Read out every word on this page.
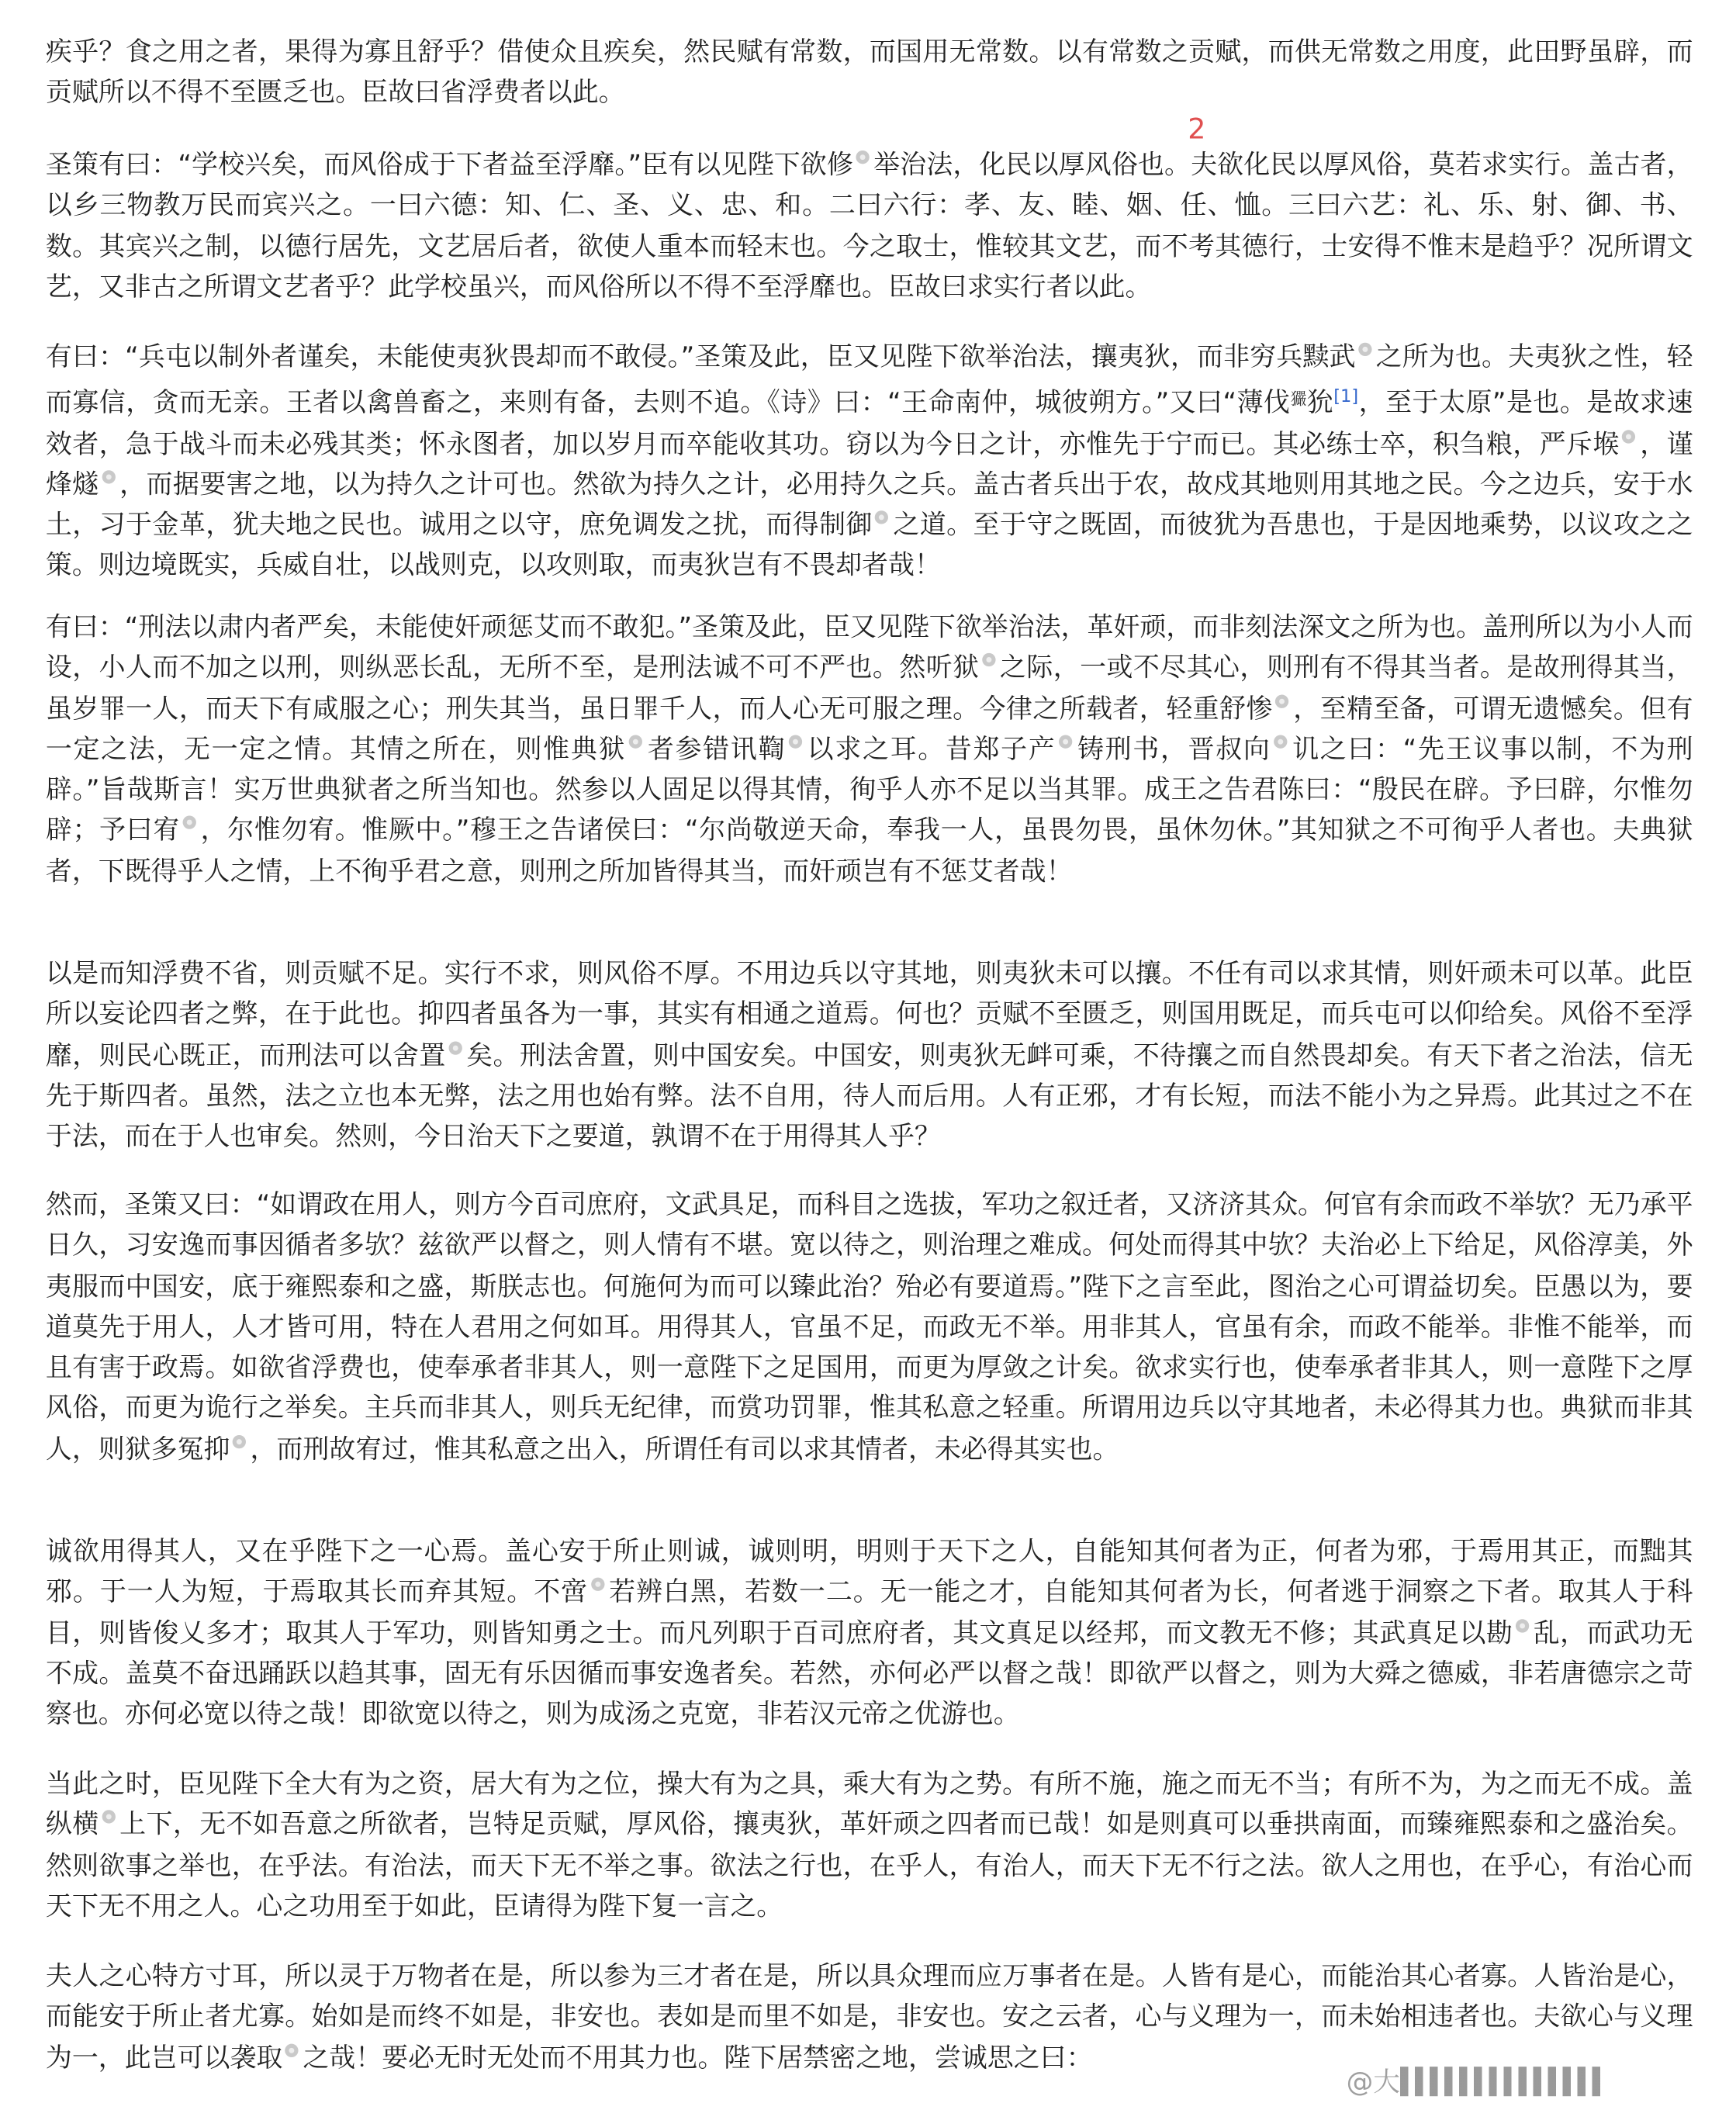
2

疾乎？食之用之者，果得为寡且舒乎？借使众且疾矣，然民赋有常数，而国用无常数。以有常数之贡赋，而供无常数之用度，此田野虽辟，而贡赋所以不得不至匮乏也。臣故曰省浮费者以此。

圣策有曰：“学校兴矣，而风俗成于下者益至浮靡。”臣有以见陛下欲修 举治法，化民以厚风俗也。夫欲化民以厚风俗，莫若求实行。盖古者，以乡三物教万民而宾兴之。一曰六德：知、仁、圣、义、忠、和。二曰六行：孝、友、睦、姻、任、恤。三曰六艺：礼、乐、射、御、书、数。其宾兴之制，以德行居先，文艺居后者，欲使人重本而轻末也。今之取士，惟较其文艺，而不考其德行，士安得不惟末是趋乎？况所谓文艺，又非古之所谓文艺者乎？此学校虽兴，而风俗所以不得不至浮靡也。臣故曰求实行者以此。

有曰：“兵屯以制外者谨矣，未能使夷狄畏却而不敢侵。”圣策及此，臣又见陛下欲举治法，攘夷狄，而非穷兵黩武 之所为也。夫夷狄之性，轻而寡信，贪而无亲。王者以禽兽畜之，来则有备，去则不追。《诗》曰：“王命南仲，城彼朔方。”又曰“薄伐$^玁$狁[1]，至于太原”是也。是故求速效者，急于战斗而未必残其类；怀永图者，加以岁月而卒能收其功。窃以为今日之计，亦惟先于宁而已。其必练士卒，积刍粮，严斥堠 ，谨烽燧 ，而据要害之地，以为持久之计可也。然欲为持久之计，必用持久之兵。盖古者兵出于农，故戍其地则用其地之民。今之边兵，安于水土，习于金革，犹夫地之民也。诚用之以守，庶免调发之扰，而得制御 之道。至于守之既固，而彼犹为吾患也，于是因地乘势，以议攻之之策。则边境既实，兵威自壮，以战则克，以攻则取，而夷狄岂有不畏却者哉！

有曰：“刑法以肃内者严矣，未能使奸顽惩艾而不敢犯。”圣策及此，臣又见陛下欲举治法，革奸顽，而非刻法深文之所为也。盖刑所以为小人而设，小人而不加之以刑，则纵恶长乱，无所不至，是刑法诚不可不严也。然听狱 之际，一或不尽其心，则刑有不得其当者。是故刑得其当，虽岁罪一人，而天下有咸服之心；刑失其当，虽日罪千人，而人心无可服之理。今律之所载者，轻重舒惨 ，至精至备，可谓无遗憾矣。但有一定之法，无一定之情。其情之所在，则惟典狱 者参错讯鞫 以求之耳。昔郑子产 铸刑书，晋叔向 讥之曰：“先王议事以制，不为刑辟。”旨哉斯言！实万世典狱者之所当知也。然参以人固足以得其情，徇乎人亦不足以当其罪。成王之告君陈曰：“殷民在辟。予曰辟，尔惟勿辟；予曰宥 ，尔惟勿宥。惟厥中。”穆王之告诸侯曰：“尔尚敬逆天命，奉我一人，虽畏勿畏，虽休勿休。”其知狱之不可徇乎人者也。夫典狱者，下既得乎人之情，上不徇乎君之意，则刑之所加皆得其当，而奸顽岂有不惩艾者哉！

以是而知浮费不省，则贡赋不足。实行不求，则风俗不厚。不用边兵以守其地，则夷狄未可以攘。不任有司以求其情，则奸顽未可以革。此臣所以妄论四者之弊，在于此也。抑四者虽各为一事，其实有相通之道焉。何也？贡赋不至匮乏，则国用既足，而兵屯可以仰给矣。风俗不至浮靡，则民心既正，而刑法可以舍置 矣。刑法舍置，则中国安矣。中国安，则夷狄无衅可乘，不待攘之而自然畏却矣。有天下者之治法，信无先于斯四者。虽然，法之立也本无弊，法之用也始有弊。法不自用，待人而后用。人有正邪，才有长短，而法不能小为之异焉。此其过之不在于法，而在于人也审矣。然则，今日治天下之要道，孰谓不在于用得其人乎？

然而，圣策又曰：“如谓政在用人，则方今百司庶府，文武具足，而科目之选拔，军功之叙迁者，又济济其众。何官有余而政不举欤？无乃承平日久，习安逸而事因循者多欤？兹欲严以督之，则人情有不堪。宽以待之，则治理之难成。何处而得其中欤？夫治必上下给足，风俗淳美，外夷服而中国安，底于雍熙泰和之盛，斯朕志也。何施何为而可以臻此治？殆必有要道焉。”陛下之言至此，图治之心可谓益切矣。臣愚以为，要道莫先于用人，人才皆可用，特在人君用之何如耳。用得其人，官虽不足，而政无不举。用非其人，官虽有余，而政不能举。非惟不能举，而且有害于政焉。如欲省浮费也，使奉承者非其人，则一意陛下之足国用，而更为厚敛之计矣。欲求实行也，使奉承者非其人，则一意陛下之厚风俗，而更为诡行之举矣。主兵而非其人，则兵无纪律，而赏功罚罪，惟其私意之轻重。所谓用边兵以守其地者，未必得其力也。典狱而非其人，则狱多冤抑 ，而刑故宥过，惟其私意之出入，所谓任有司以求其情者，未必得其实也。

诚欲用得其人，又在乎陛下之一心焉。盖心安于所止则诚，诚则明，明则于天下之人，自能知其何者为正，何者为邪，于焉用其正，而黜其邪。于一人为短，于焉取其长而弃其短。不啻 若辨白黑，若数一二。无一能之才，自能知其何者为长，何者逃于洞察之下者。取其人于科目，则皆俊乂多才；取其人于军功，则皆知勇之士。而凡列职于百司庶府者，其文真足以经邦，而文教无不修；其武真足以勘 乱，而武功无不成。盖莫不奋迅踊跃以趋其事，固无有乐因循而事安逸者矣。若然，亦何必严以督之哉！即欲严以督之，则为大舜之德威，非若唐德宗之苛察也。亦何必宽以待之哉！即欲宽以待之，则为成汤之克宽，非若汉元帝之优游也。

当此之时，臣见陛下全大有为之资，居大有为之位，操大有为之具，乘大有为之势。有所不施，施之而无不当；有所不为，为之而无不成。盖纵横 上下，无不如吾意之所欲者，岂特足贡赋，厚风俗，攘夷狄，革奸顽之四者而已哉！如是则真可以垂拱南面，而臻雍熙泰和之盛治矣。然则欲事之举也，在乎法。有治法，而天下无不举之事。欲法之行也，在乎人，有治人，而天下无不行之法。欲人之用也，在乎心，有治心而天下无不用之人。心之功用至于如此，臣请得为陛下复一言之。

夫人之心特方寸耳，所以灵于万物者在是，所以参为三才者在是，所以具众理而应万事者在是。人皆有是心，而能治其心者寡。人皆治是心，而能安于所止者尤寡。始如是而终不如是，非安也。表如是而里不如是，非安也。安之云者，心与义理为一，而未始相违者也。夫欲心与义理为一，此岂可以袭取 之哉！要必无时无处而不用其力也。陛下居禁密之地，尝诚思之曰：

@大
